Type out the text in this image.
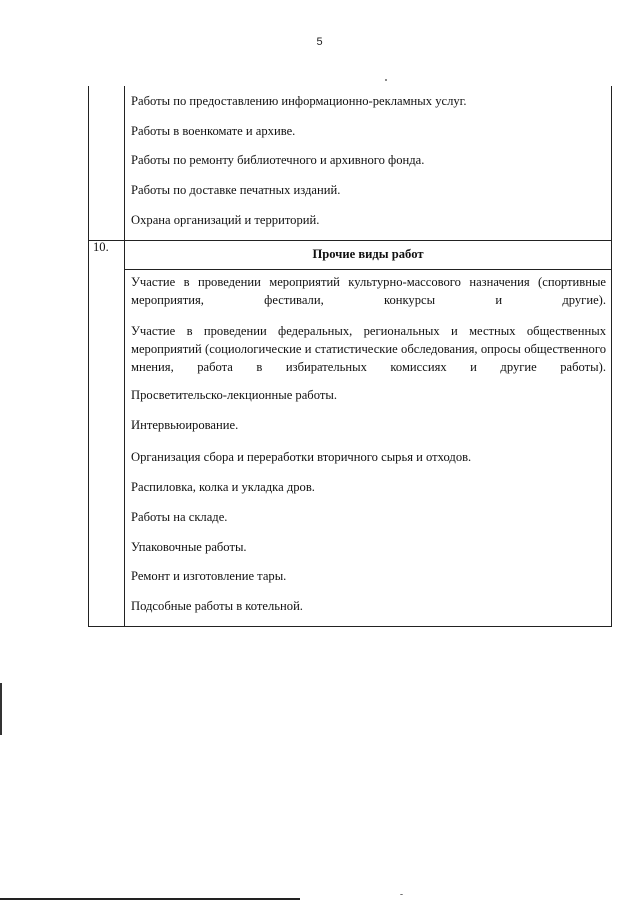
5
Работы по предоставлению информационно-рекламных услуг.
Работы в военкомате и архиве.
Работы по ремонту библиотечного и архивного фонда.
Работы по доставке печатных изданий.
Охрана организаций и территорий.
10.	Прочие виды работ
Участие в проведении мероприятий культурно-массового назначения (спортивные мероприятия, фестивали, конкурсы и другие).
Участие в проведении федеральных, региональных и местных общественных мероприятий (социологические и статистические обследования, опросы общественного мнения, работа в избирательных комиссиях и другие работы).
Просветительско-лекционные работы.
Интервьюирование.
Организация сбора и переработки вторичного сырья и отходов.
Распиловка, колка и укладка дров.
Работы на складе.
Упаковочные работы.
Ремонт и изготовление тары.
Подсобные работы в котельной.
